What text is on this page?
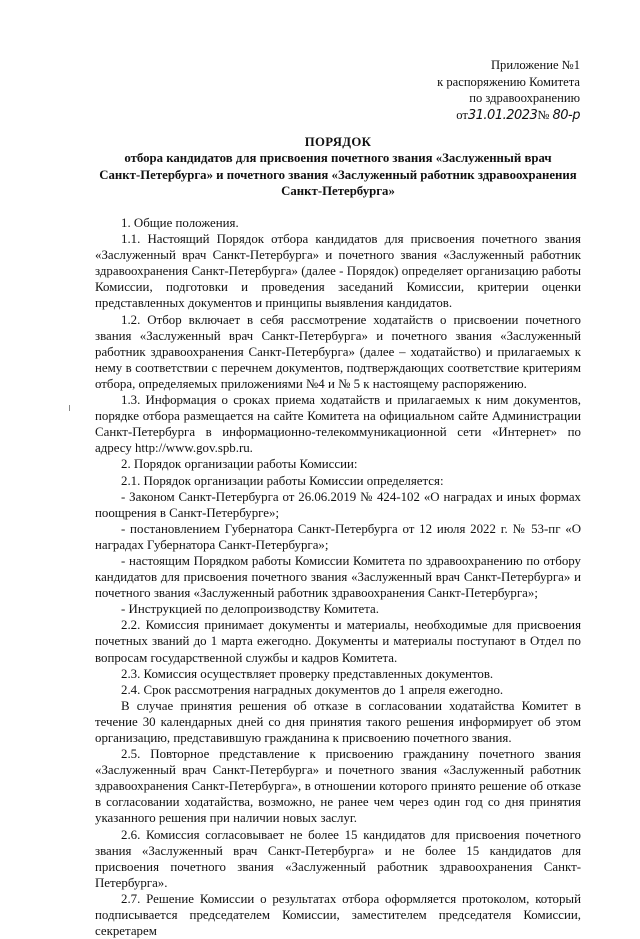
Приложение №1
к распоряжению Комитета
по здравоохранению
от31.01.2023№ 80-р
ПОРЯДОК
отбора кандидатов для присвоения почетного звания «Заслуженный врач
Санкт-Петербурга» и почетного звания «Заслуженный работник здравоохранения
Санкт-Петербурга»

1. Общие положения.

1.1. Настоящий Порядок отбора кандидатов для присвоения почетного звания «Заслуженный врач Санкт-Петербурга» и почетного звания «Заслуженный работник здравоохранения Санкт-Петербурга» (далее - Порядок) определяет организацию работы Комиссии, подготовки и проведения заседаний Комиссии, критерии оценки представленных документов и принципы выявления кандидатов.

1.2. Отбор включает в себя рассмотрение ходатайств о присвоении почетного звания «Заслуженный врач Санкт-Петербурга» и почетного звания «Заслуженный работник здравоохранения Санкт-Петербурга» (далее – ходатайство) и прилагаемых к нему в соответствии с перечнем документов, подтверждающих соответствие критериям отбора, определяемых приложениями №4 и № 5 к настоящему распоряжению.

1.3. Информация о сроках приема ходатайств и прилагаемых к ним документов, порядке отбора размещается на сайте Комитета на официальном сайте Администрации Санкт-Петербурга в информационно-телекоммуникационной сети «Интернет» по адресу http://www.gov.spb.ru.

2. Порядок организации работы Комиссии:

2.1. Порядок организации работы Комиссии определяется:

- Законом Санкт-Петербурга от 26.06.2019 № 424-102 «О наградах и иных формах поощрения в Санкт-Петербурге»;

- постановлением Губернатора Санкт-Петербурга от 12 июля 2022 г. № 53-пг «О наградах Губернатора Санкт-Петербурга»;

- настоящим Порядком работы Комиссии Комитета по здравоохранению по отбору кандидатов для присвоения почетного звания «Заслуженный врач Санкт-Петербурга» и почетного звания «Заслуженный работник здравоохранения Санкт-Петербурга»;

- Инструкцией по делопроизводству Комитета.

2.2. Комиссия принимает документы и материалы, необходимые для присвоения почетных званий до 1 марта ежегодно. Документы и материалы поступают в Отдел по вопросам государственной службы и кадров Комитета.

2.3. Комиссия осуществляет проверку представленных документов.

2.4. Срок рассмотрения наградных документов до 1 апреля ежегодно.

В случае принятия решения об отказе в согласовании ходатайства Комитет в течение 30 календарных дней со дня принятия такого решения информирует об этом организацию, представившую гражданина к присвоению почетного звания.

2.5. Повторное представление к присвоению гражданину почетного звания «Заслуженный врач Санкт-Петербурга» и почетного звания «Заслуженный работник здравоохранения Санкт-Петербурга», в отношении которого принято решение об отказе в согласовании ходатайства, возможно, не ранее чем через один год со дня принятия указанного решения при наличии новых заслуг.

2.6. Комиссия согласовывает не более 15 кандидатов для присвоения почетного звания «Заслуженный врач Санкт-Петербурга» и не более 15 кандидатов для присвоения почетного звания «Заслуженный работник здравоохранения Санкт-Петербурга».

2.7. Решение Комиссии о результатах отбора оформляется протоколом, который подписывается председателем Комиссии, заместителем председателя Комиссии, секретарем
